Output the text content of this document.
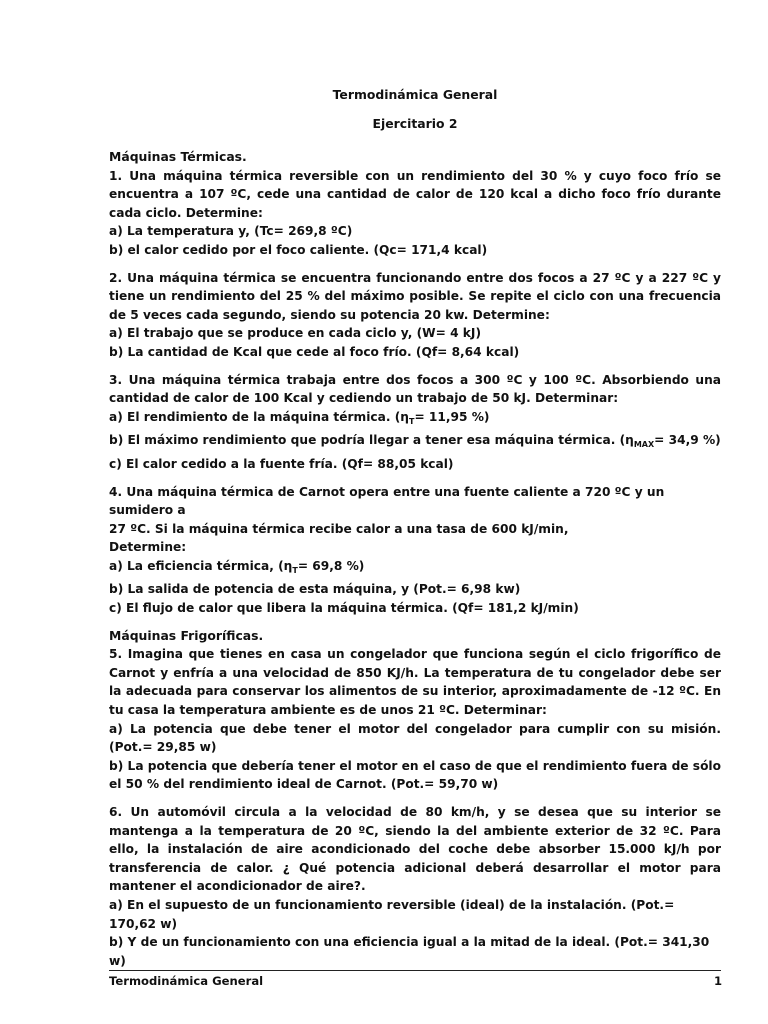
Termodinámica General

Ejercitario 2

Máquinas Térmicas.

1. Una máquina térmica reversible con un rendimiento del 30 % y cuyo foco frío se encuentra a 107 ºC, cede una cantidad de calor de 120 kcal a dicho foco frío durante cada ciclo. Determine:

a) La temperatura y, (Tc= 269,8 ºC)

b) el calor cedido por el foco caliente. (Qc= 171,4 kcal)

2. Una máquina térmica se encuentra funcionando entre dos focos a 27 ºC y a 227 ºC y tiene un rendimiento del 25 % del máximo posible. Se repite el ciclo con una frecuencia de 5 veces cada segundo, siendo su potencia 20 kw. Determine:

a) El trabajo que se produce en cada ciclo y, (W= 4 kJ)

b) La cantidad de Kcal que cede al foco frío. (Qf= 8,64 kcal)

3. Una máquina térmica trabaja entre dos focos a 300 ºC y 100 ºC. Absorbiendo una cantidad de calor de 100 Kcal y cediendo un trabajo de 50 kJ. Determinar:

a) El rendimiento de la máquina térmica. ($\eta_T= 11,95$ %)

b) El máximo rendimiento que podría llegar a tener esa máquina térmica. ($\eta_{MAX}= 34,9$ %)

c) El calor cedido a la fuente fría. (Qf= 88,05 kcal)

4. Una máquina térmica de Carnot opera entre una fuente caliente a 720 ºC y un sumidero a

27 ºC. Si la máquina térmica recibe calor a una tasa de 600 kJ/min,

Determine:

a) La eficiencia térmica, ($\eta_T= 69,8$ %)

b) La salida de potencia de esta máquina, y (Pot.= 6,98 kw)

c) El flujo de calor que libera la máquina térmica. (Qf= 181,2 kJ/min)

Máquinas Frigoríficas.

5. Imagina que tienes en casa un congelador que funciona según el ciclo frigorífico de Carnot y enfría a una velocidad de 850 KJ/h. La temperatura de tu congelador debe ser la adecuada para conservar los alimentos de su interior, aproximadamente de -12 ºC. En tu casa la temperatura ambiente es de unos 21 ºC. Determinar:

a) La potencia que debe tener el motor del congelador para cumplir con su misión. (Pot.= 29,85 w)

b) La potencia que debería tener el motor en el caso de que el rendimiento fuera de sólo el 50 % del rendimiento ideal de Carnot. (Pot.= 59,70 w)

6. Un automóvil circula a la velocidad de 80 km/h, y se desea que su interior se mantenga a la temperatura de 20 ºC, siendo la del ambiente exterior de 32 ºC. Para ello, la instalación de aire acondicionado del coche debe absorber 15.000 kJ/h por transferencia de calor. ¿ Qué potencia adicional deberá desarrollar el motor para mantener el acondicionador de aire?.

a) En el supuesto de un funcionamiento reversible (ideal) de la instalación. (Pot.= 170,62 w)

b) Y de un funcionamiento con una eficiencia igual a la mitad de la ideal. (Pot.= 341,30 w)

Termodinámica General	1
